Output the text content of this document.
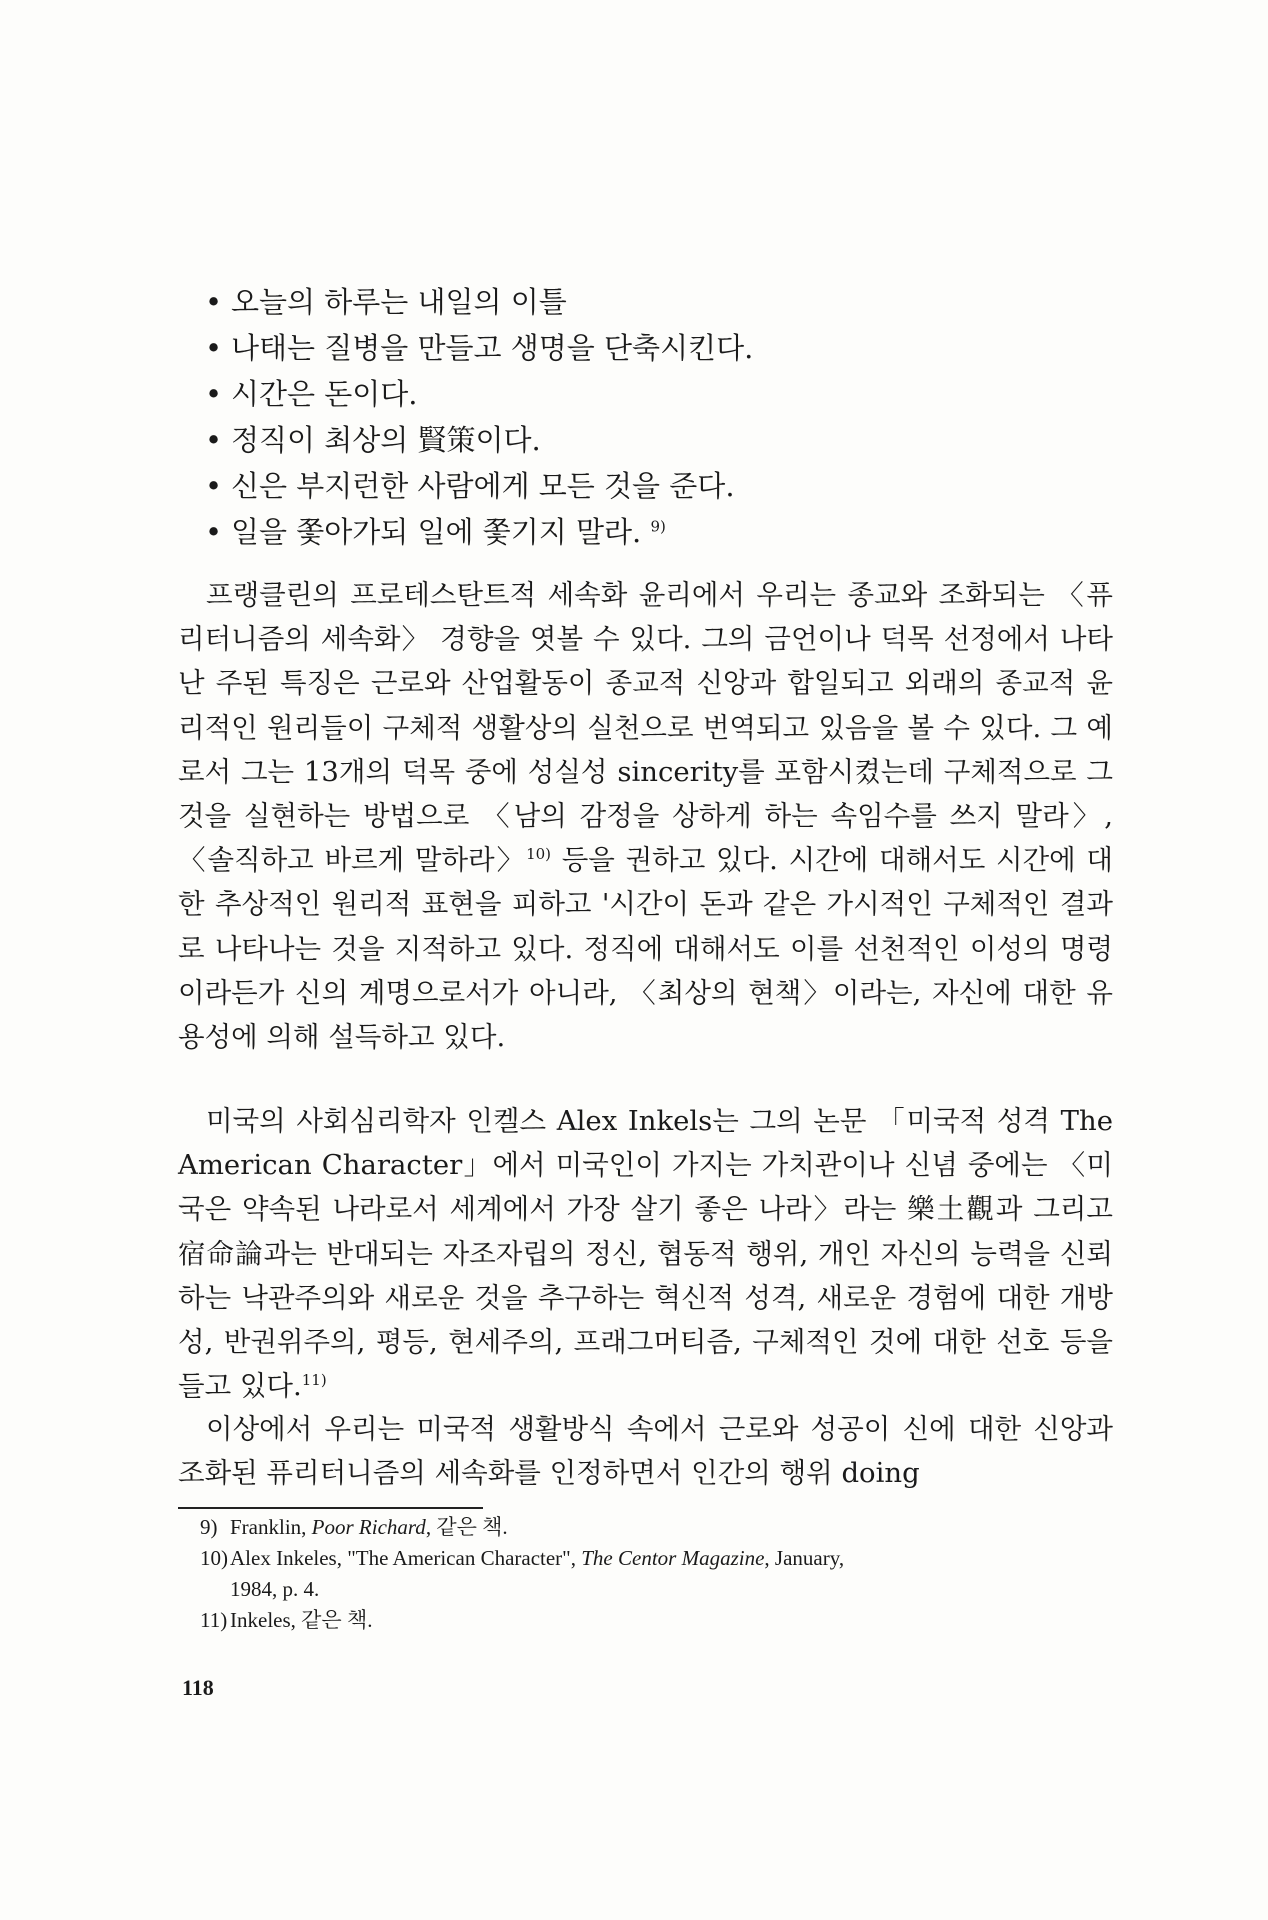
• 오늘의 하루는 내일의 이틀
• 나태는 질병을 만들고 생명을 단축시킨다.
• 시간은 돈이다.
• 정직이 최상의 賢策이다.
• 신은 부지런한 사람에게 모든 것을 준다.
• 일을 쫓아가되 일에 쫓기지 말라. $^{9)}$

프랭클린의 프로테스탄트적 세속화 윤리에서 우리는 종교와 조화되는 〈퓨리터니즘의 세속화〉 경향을 엿볼 수 있다. 그의 금언이나 덕목 선정에서 나타난 주된 특징은 근로와 산업활동이 종교적 신앙과 합일되고 외래의 종교적 윤리적인 원리들이 구체적 생활상의 실천으로 번역되고 있음을 볼 수 있다. 그 예로서 그는 13개의 덕목 중에 성실성 sincerity를 포함시켰는데 구체적으로 그것을 실현하는 방법으로 〈남의 감정을 상하게 하는 속임수를 쓰지 말라〉, 〈솔직하고 바르게 말하라〉$^{10)}$ 등을 권하고 있다. 시간에 대해서도 시간에 대한 추상적인 원리적 표현을 피하고 '시간이 돈과 같은 가시적인 구체적인 결과로 나타나는 것을 지적하고 있다. 정직에 대해서도 이를 선천적인 이성의 명령이라든가 신의 계명으로서가 아니라, 〈최상의 현책〉이라는, 자신에 대한 유용성에 의해 설득하고 있다.

미국의 사회심리학자 인켈스 Alex Inkels는 그의 논문 「미국적 성격 The American Character」에서 미국인이 가지는 가치관이나 신념 중에는 〈미국은 약속된 나라로서 세계에서 가장 살기 좋은 나라〉라는 樂土觀과 그리고 宿命論과는 반대되는 자조자립의 정신, 협동적 행위, 개인 자신의 능력을 신뢰하는 낙관주의와 새로운 것을 추구하는 혁신적 성격, 새로운 경험에 대한 개방성, 반권위주의, 평등, 현세주의, 프래그머티즘, 구체적인 것에 대한 선호 등을 들고 있다.$^{11)}$

이상에서 우리는 미국적 생활방식 속에서 근로와 성공이 신에 대한 신앙과 조화된 퓨리터니즘의 세속화를 인정하면서 인간의 행위 doing

9) Franklin, Poor Richard, 같은 책.
10)Alex Inkeles, "The American Character", The Centor Magazine, January,
1984, p. 4.
11) Inkeles, 같은 책.
118
